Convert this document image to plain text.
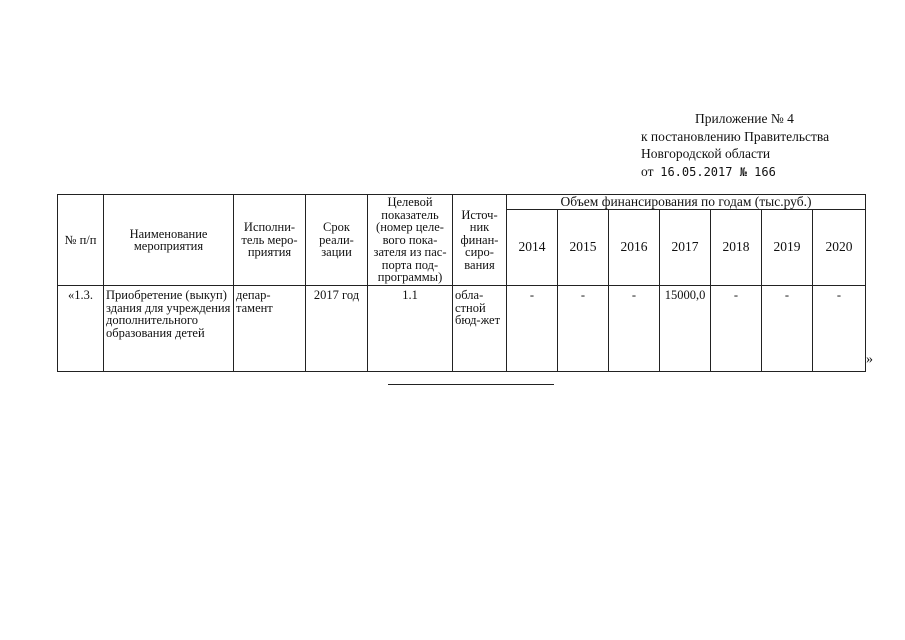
Приложение № 4
к постановлению Правительства
Новгородской области
от 16.05.2017 № 166
№ п/п	Наименование мероприятия	Исполни-тель меро-приятия	Срок реали-зации	Целевой показатель (номер целе-вого пока-зателя из пас-порта под-программы)	Источ-ник финан-сиро-вания	Объем финансирования по годам (тыс.руб.)						
						2014	2015	2016	2017	2018	2019	2020
«1.3.	Приобретение (выкуп) здания для учреждения дополнительного образования детей	депар-тамент	2017 год	1.1	обла-стной бюд-жет	-	-	-	15000,0	-	-	-
»
